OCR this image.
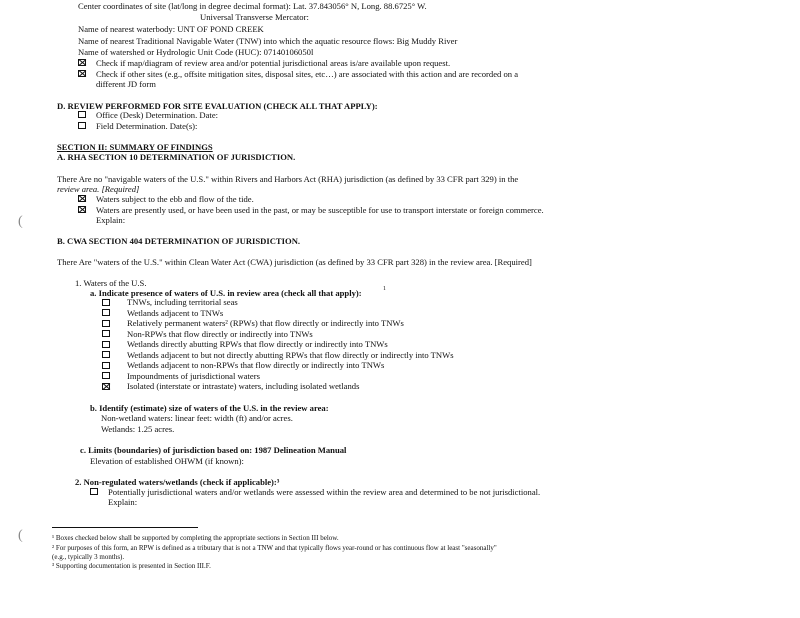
Center coordinates of site (lat/long in degree decimal format): Lat. 37.843056° N, Long. 88.6725° W.
Universal Transverse Mercator:
Name of nearest waterbody: UNT OF POND CREEK
Name of nearest Traditional Navigable Water (TNW) into which the aquatic resource flows: Big Muddy River
Name of watershed or Hydrologic Unit Code (HUC): 07140106050l
Check if map/diagram of review area and/or potential jurisdictional areas is/are available upon request.
Check if other sites (e.g., offsite mitigation sites, disposal sites, etc…) are associated with this action and are recorded on a
different JD form
D. REVIEW PERFORMED FOR SITE EVALUATION (CHECK ALL THAT APPLY):
Office (Desk) Determination. Date:
Field Determination. Date(s):
SECTION II: SUMMARY OF FINDINGS
A. RHA SECTION 10 DETERMINATION OF JURISDICTION.
There Are no "navigable waters of the U.S." within Rivers and Harbors Act (RHA) jurisdiction (as defined by 33 CFR part 329) in the
review area. [Required]
Waters subject to the ebb and flow of the tide.
Waters are presently used, or have been used in the past, or may be susceptible for use to transport interstate or foreign commerce.
Explain:
B. CWA SECTION 404 DETERMINATION OF JURISDICTION.
There Are "waters of the U.S." within Clean Water Act (CWA) jurisdiction (as defined by 33 CFR part 328) in the review area. [Required]
1. Waters of the U.S.
a. Indicate presence of waters of U.S. in review area (check all that apply):	1
TNWs, including territorial seas
Wetlands adjacent to TNWs
Relatively permanent waters² (RPWs) that flow directly or indirectly into TNWs
Non-RPWs that flow directly or indirectly into TNWs
Wetlands directly abutting RPWs that flow directly or indirectly into TNWs
Wetlands adjacent to but not directly abutting RPWs that flow directly or indirectly into TNWs
Wetlands adjacent to non-RPWs that flow directly or indirectly into TNWs
Impoundments of jurisdictional waters
Isolated (interstate or intrastate) waters, including isolated wetlands
b. Identify (estimate) size of waters of the U.S. in the review area:
Non-wetland waters: linear feet: width (ft) and/or acres.
Wetlands: 1.25 acres.
c. Limits (boundaries) of jurisdiction based on: 1987 Delineation Manual
Elevation of established OHWM (if known):
2. Non-regulated waters/wetlands (check if applicable):³
Potentially jurisdictional waters and/or wetlands were assessed within the review area and determined to be not jurisdictional.
Explain:
¹ Boxes checked below shall be supported by completing the appropriate sections in Section III below.
² For purposes of this form, an RPW is defined as a tributary that is not a TNW and that typically flows year-round or has continuous flow at least "seasonally"
(e.g., typically 3 months).
³ Supporting documentation is presented in Section III.F.
(
(
